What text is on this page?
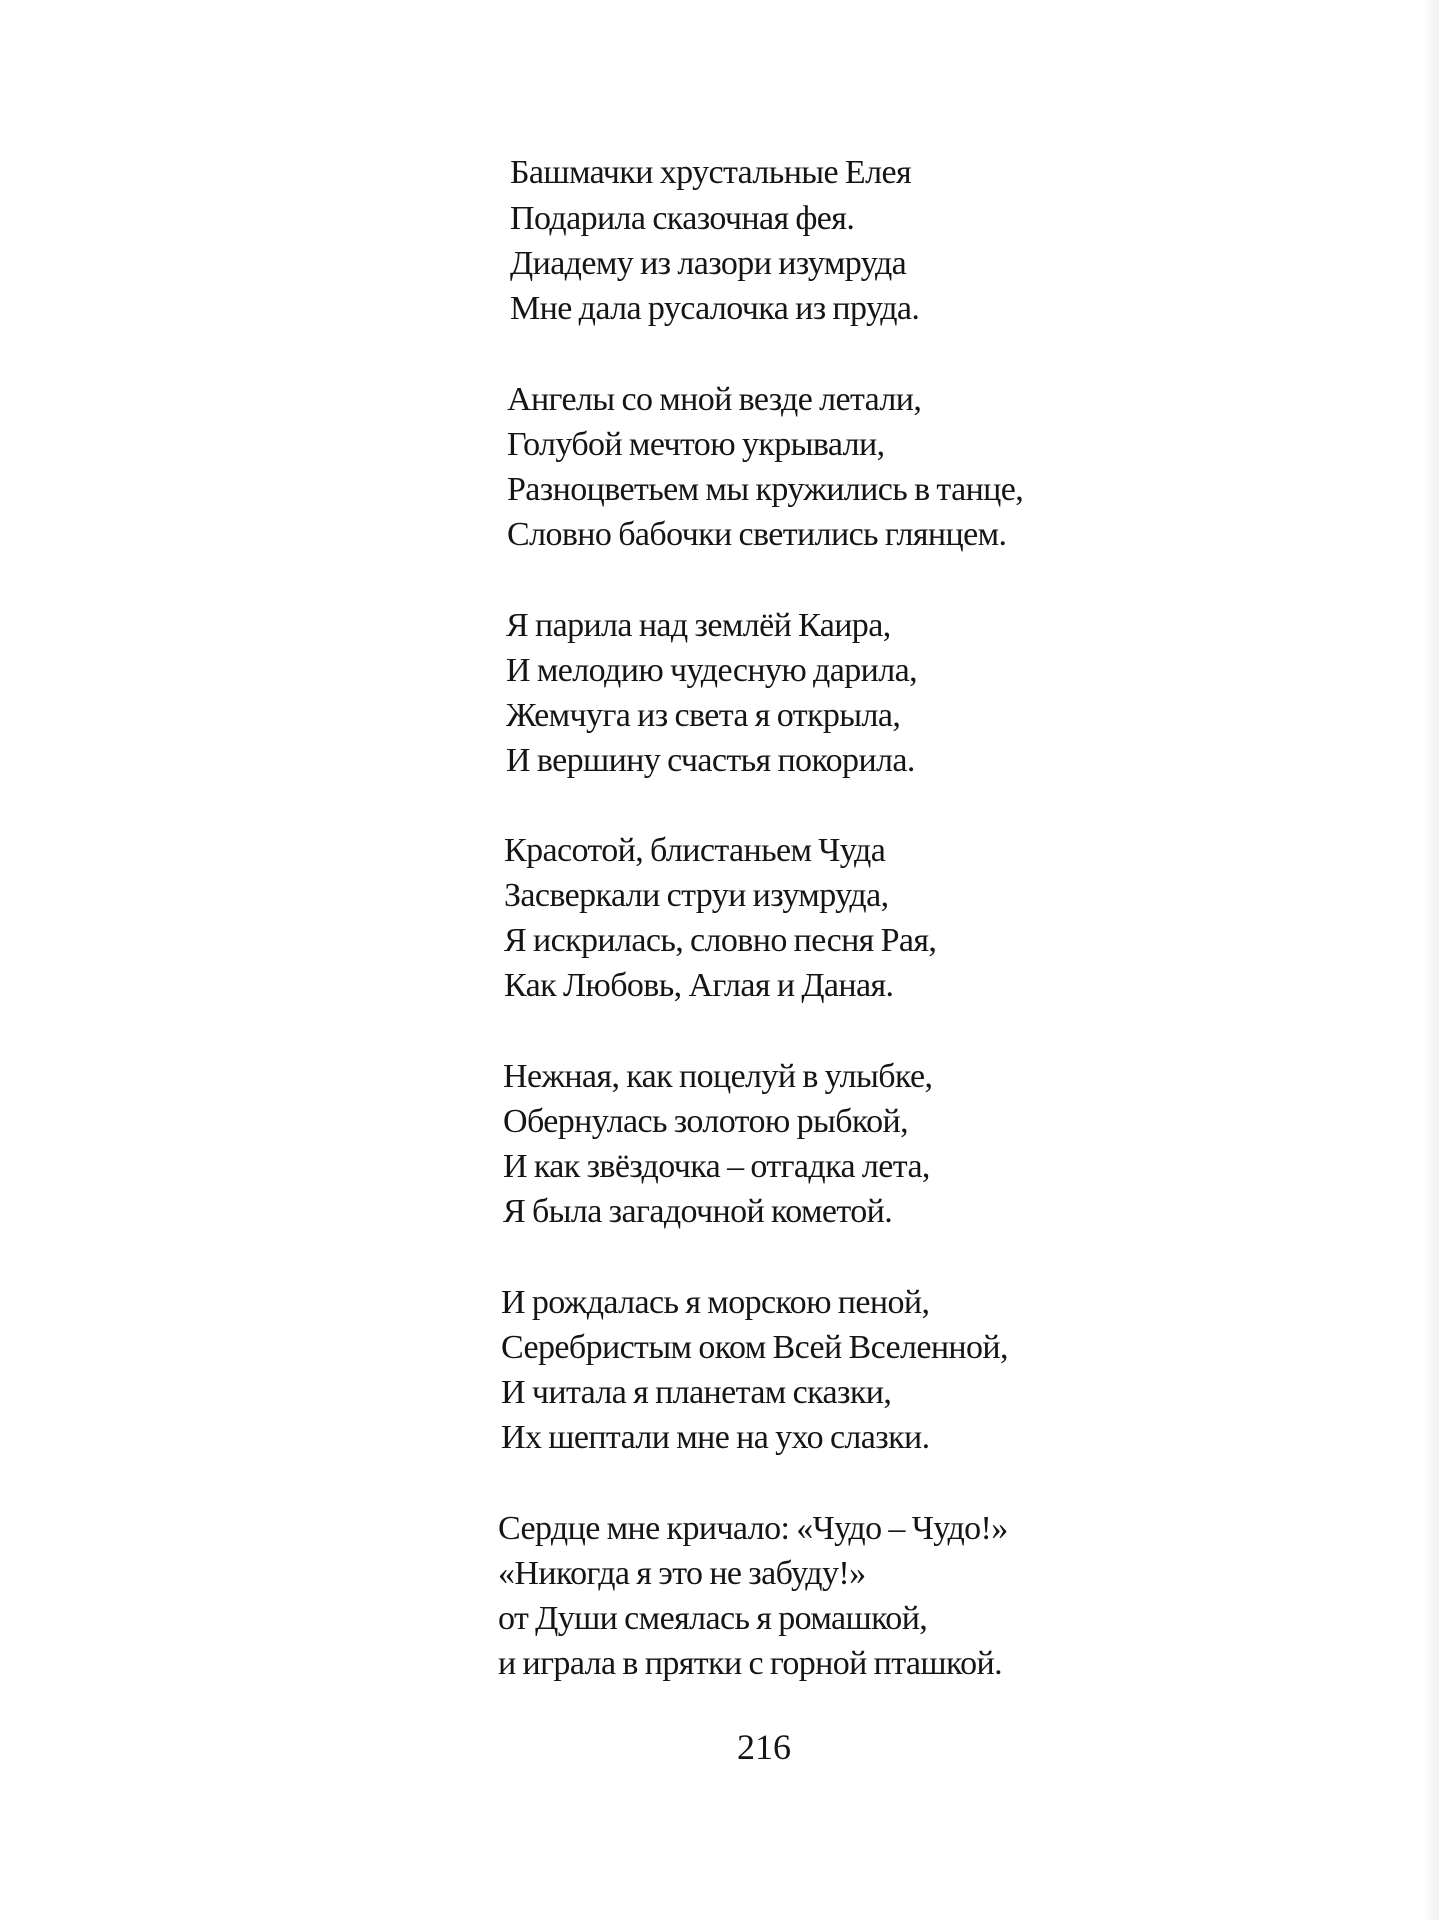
Башмачки хрустальные Елея
Подарила сказочная фея.
Диадему из лазори изумруда
Мне дала русалочка из пруда.
Ангелы со мной везде летали,
Голубой мечтою укрывали,
Разноцветьем мы кружились в танце,
Словно бабочки светились глянцем.
Я парила над землёй Каира,
И мелодию чудесную дарила,
Жемчуга из света я открыла,
И вершину счастья покорила.
Красотой, блистаньем Чуда
Засверкали струи изумруда,
Я искрилась, словно песня Рая,
Как Любовь, Аглая и Даная.
Нежная, как поцелуй в улыбке,
Обернулась золотою рыбкой,
И как звёздочка – отгадка лета,
Я была загадочной кометой.
И рождалась я морскою пеной,
Серебристым оком Всей Вселенной,
И читала я планетам сказки,
Их шептали мне на ухо слазки.
Сердце мне кричало: «Чудо – Чудо!»
«Никогда я это не забуду!»
от Души смеялась я ромашкой,
и играла в прятки с горной пташкой.
216
